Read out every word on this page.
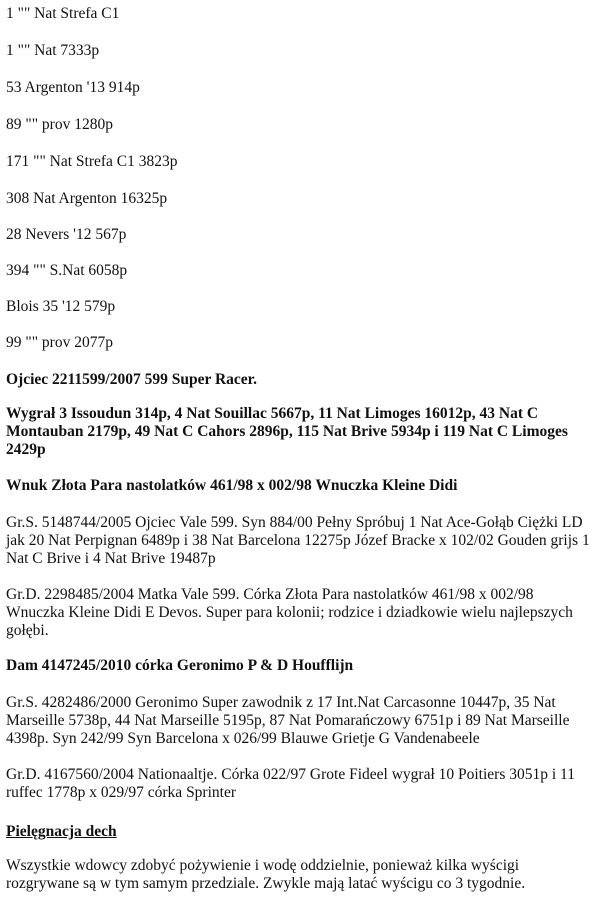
1 "" Nat Strefa C1
1 "" Nat 7333p
53 Argenton '13 914p
89 "" prov 1280p
171 "" Nat Strefa C1 3823p
308 Nat Argenton 16325p
28 Nevers '12 567p
394 "" S.Nat 6058p
Blois 35 '12 579p
99 "" prov 2077p
Ojciec 2211599/2007 599 Super Racer.
Wygrał 3 Issoudun 314p, 4 Nat Souillac 5667p, 11 Nat Limoges 16012p, 43 Nat C Montauban 2179p, 49 Nat C Cahors 2896p, 115 Nat Brive 5934p i 119 Nat C Limoges 2429p
Wnuk Złota Para nastolatków 461/98 x 002/98 Wnuczka Kleine Didi
Gr.S. 5148744/2005 Ojciec Vale 599. Syn 884/00 Pełny Spróbuj 1 Nat Ace-Gołąb Ciężki LD jak 20 Nat Perpignan 6489p i 38 Nat Barcelona 12275p Józef Bracke x 102/02 Gouden grijs 1 Nat C Brive i 4 Nat Brive 19487p
Gr.D. 2298485/2004 Matka Vale 599. Córka Złota Para nastolatków 461/98 x 002/98 Wnuczka Kleine Didi E Devos. Super para kolonii; rodzice i dziadkowie wielu najlepszych gołębi.
Dam 4147245/2010 córka Geronimo P & D Houfflijn
Gr.S. 4282486/2000 Geronimo Super zawodnik z 17 Int.Nat Carcasonne 10447p, 35 Nat Marseille 5738p, 44 Nat Marseille 5195p, 87 Nat Pomarańczowy 6751p i 89 Nat Marseille 4398p. Syn 242/99 Syn Barcelona x 026/99 Blauwe Grietje G Vandenabeele
Gr.D. 4167560/2004 Nationaaltje. Córka 022/97 Grote Fideel wygrał 10 Poitiers 3051p i 11 ruffec 1778p x 029/97 córka Sprinter
Pielęgnacja dech
Wszystkie wdowcy zdobyć pożywienie i wodę oddzielnie, ponieważ kilka wyścigi rozgrywane są w tym samym przedziale. Zwykle mają latać wyścigu co 3 tygodnie.
